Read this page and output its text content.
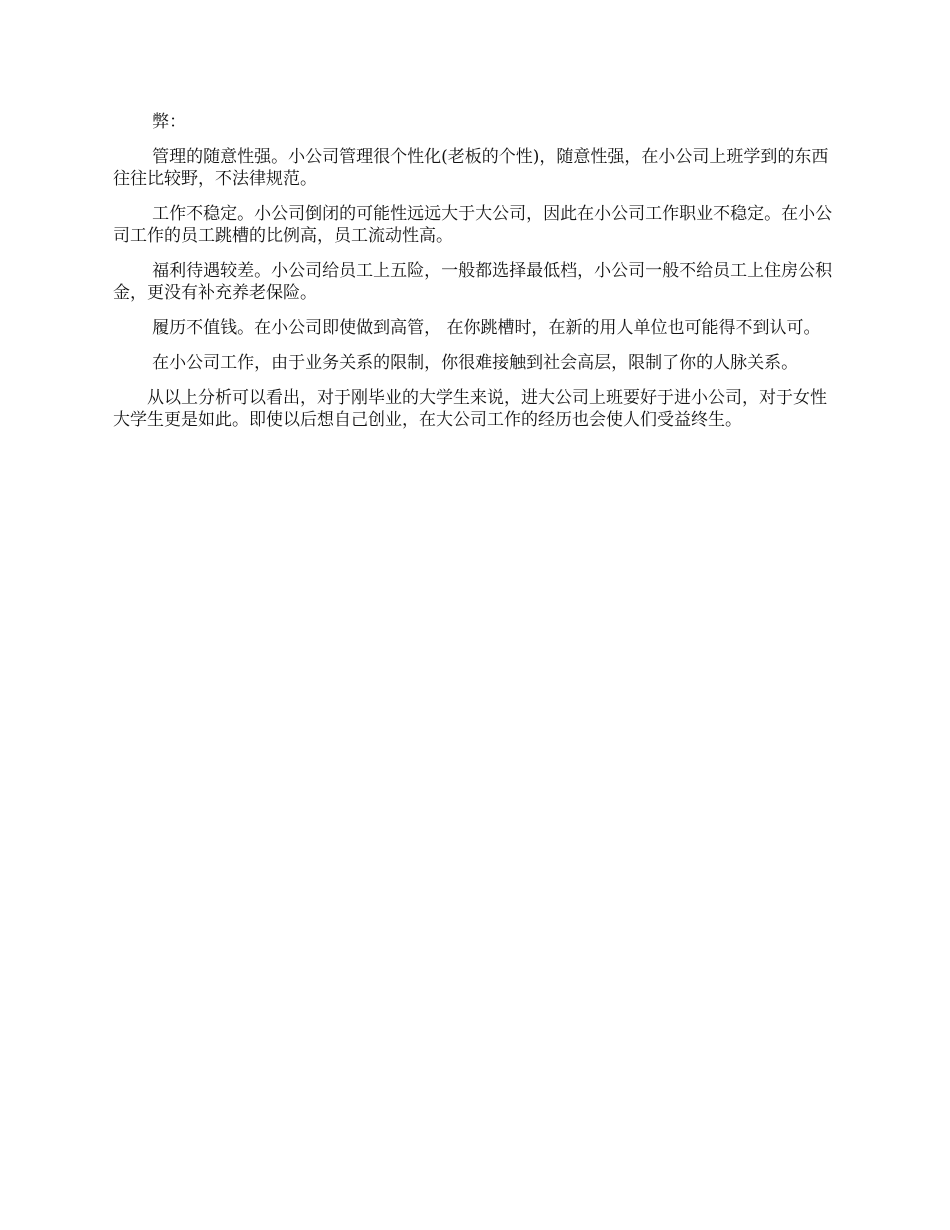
弊：

管理的随意性强。小公司管理很个性化(老板的个性)，随意性强，在小公司上班学到的东西往往比较野，不法律规范。

工作不稳定。小公司倒闭的可能性远远大于大公司，因此在小公司工作职业不稳定。在小公司工作的员工跳槽的比例高，员工流动性高。

福利待遇较差。小公司给员工上五险，一般都选择最低档，小公司一般不给员工上住房公积金，更没有补充养老保险。

履历不值钱。在小公司即使做到高管， 在你跳槽时，在新的用人单位也可能得不到认可。

在小公司工作，由于业务关系的限制，你很难接触到社会高层，限制了你的人脉关系。

从以上分析可以看出，对于刚毕业的大学生来说，进大公司上班要好于进小公司，对于女性大学生更是如此。即使以后想自己创业，在大公司工作的经历也会使人们受益终生。
